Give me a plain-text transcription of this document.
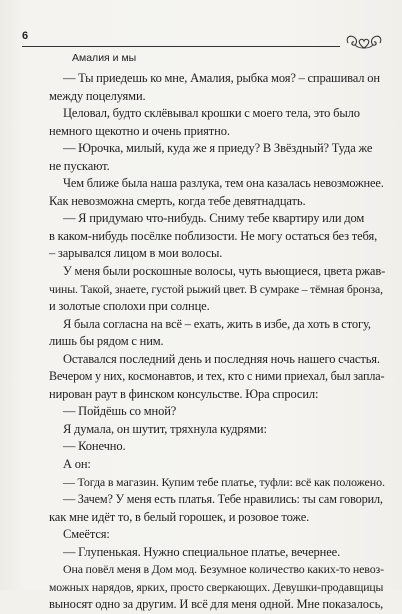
6
Амалия и мы
— Ты приедешь ко мне, Амалия, рыбка моя? – спрашивал он
между поцелуями.
Целовал, будто склёвывал крошки с моего тела, это было
немного щекотно и очень приятно.
— Юрочка, милый, куда же я приеду? В Звёздный? Туда же
не пускают.
Чем ближе была наша разлука, тем она казалась невозможнее.
Как невозможна смерть, когда тебе девятнадцать.
— Я придумаю что-нибудь. Сниму тебе квартиру или дом
в каком-нибудь посёлке поблизости. Не могу остаться без тебя,
– зарывался лицом в мои волосы.
У меня были роскошные волосы, чуть вьющиеся, цвета ржав-
чины. Такой, знаете, густой рыжий цвет. В сумраке – тёмная бронза,
и золотые сполохи при солнце.
Я была согласна на всё – ехать, жить в избе, да хоть в стогу,
лишь бы рядом с ним.
Оставался последний день и последняя ночь нашего счастья.
Вечером у них, космонавтов, и тех, кто с ними приехал, был запла-
нирован раут в финском консульстве. Юра спросил:
— Пойдёшь со мной?
Я думала, он шутит, тряхнула кудрями:
— Конечно.
А он:
— Тогда в магазин. Купим тебе платье, туфли: всё как положено.
— Зачем? У меня есть платья. Тебе нравились: ты сам говорил,
как мне идёт то, в белый горошек, и розовое тоже.
Смеётся:
— Глупенькая. Нужно специальное платье, вечернее.
Она повёл меня в Дом мод. Безумное количество каких-то невоз-
можных нарядов, ярких, просто сверкающих. Девушки-продавщицы
выносят одно за другим. И всё для меня одной. Мне показалось,
